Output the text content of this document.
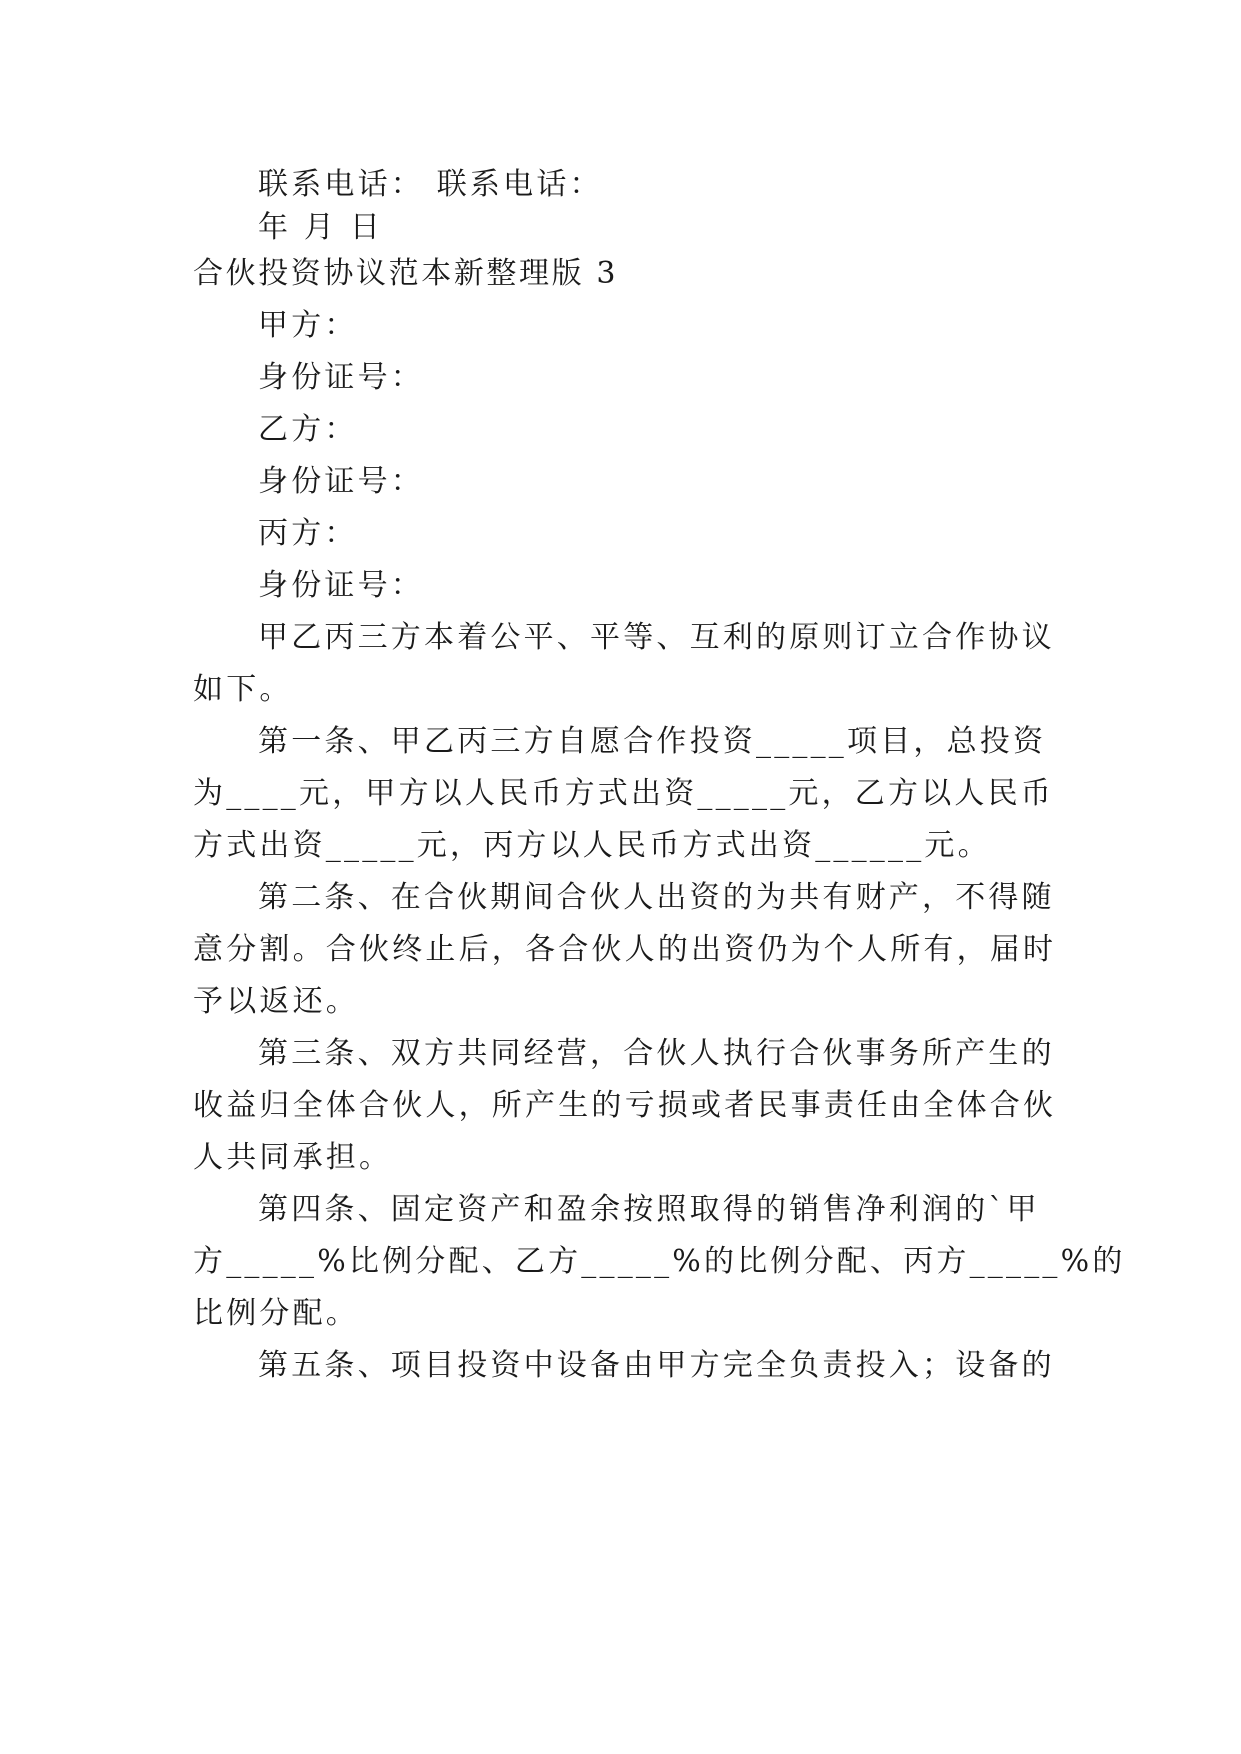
联系电话： 联系电话：
年 月 日
合伙投资协议范本新整理版 3
甲方：
身份证号：
乙方：
身份证号：
丙方：
身份证号：
甲乙丙三方本着公平、平等、互利的原则订立合作协议
如下。
第一条、甲乙丙三方自愿合作投资_____项目，总投资
为____元，甲方以人民币方式出资_____元，乙方以人民币
方式出资_____元，丙方以人民币方式出资______元。
第二条、在合伙期间合伙人出资的为共有财产，不得随
意分割。合伙终止后，各合伙人的出资仍为个人所有，届时
予以返还。
第三条、双方共同经营，合伙人执行合伙事务所产生的
收益归全体合伙人，所产生的亏损或者民事责任由全体合伙
人共同承担。
第四条、固定资产和盈余按照取得的销售净利润的`甲
方_____%比例分配、乙方_____%的比例分配、丙方_____%的
比例分配。
第五条、项目投资中设备由甲方完全负责投入；设备的
